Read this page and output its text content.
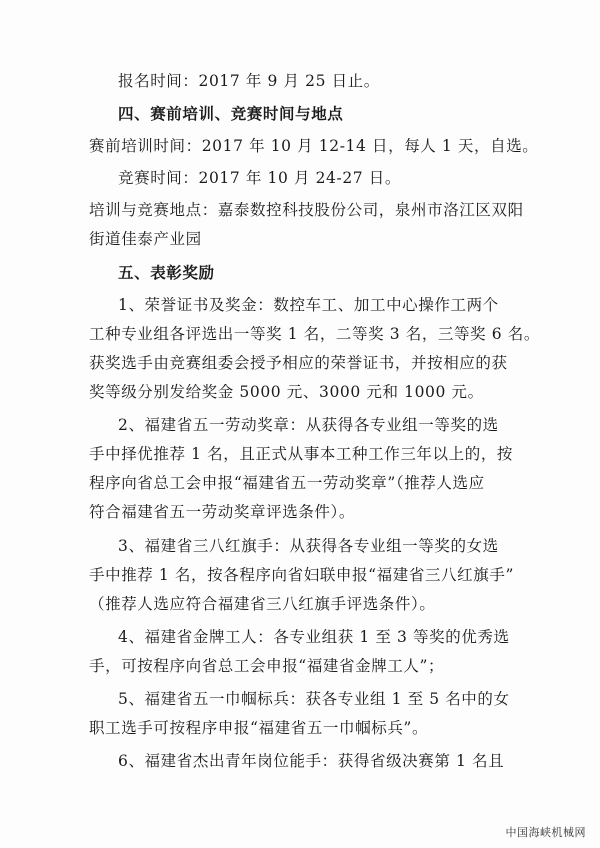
报名时间：2017 年 9 月 25 日止。
四、赛前培训、竞赛时间与地点
赛前培训时间：2017 年 10 月 12-14 日，每人 1 天，自选。
竞赛时间：2017 年 10 月 24-27 日。
培训与竞赛地点：嘉泰数控科技股份公司，泉州市洛江区双阳
街道佳泰产业园
五、表彰奖励
1、荣誉证书及奖金：数控车工、加工中心操作工两个
工种专业组各评选出一等奖 1 名，二等奖 3 名，三等奖 6 名。
获奖选手由竞赛组委会授予相应的荣誉证书，并按相应的获
奖等级分别发给奖金 5000 元、3000 元和 1000 元。
2、福建省五一劳动奖章：从获得各专业组一等奖的选
手中择优推荐 1 名，且正式从事本工种工作三年以上的，按
程序向省总工会申报“福建省五一劳动奖章”（推荐人选应
符合福建省五一劳动奖章评选条件）。
3、福建省三八红旗手：从获得各专业组一等奖的女选
手中推荐 1 名，按各程序向省妇联申报“福建省三八红旗手”
（推荐人选应符合福建省三八红旗手评选条件）。
4、福建省金牌工人：各专业组获 1 至 3 等奖的优秀选
手，可按程序向省总工会申报“福建省金牌工人”；
5、福建省五一巾帼标兵：获各专业组 1 至 5 名中的女
职工选手可按程序申报“福建省五一巾帼标兵”。
6、福建省杰出青年岗位能手：获得省级决赛第 1 名且
中国海峡机械网
